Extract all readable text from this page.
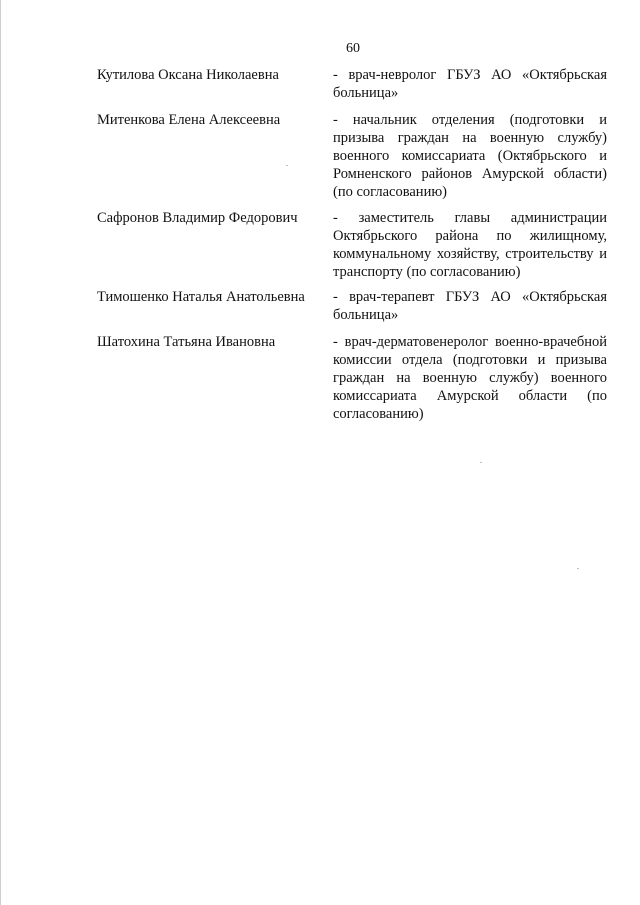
60
Кутилова Оксана Николаевна	- врач-невролог ГБУЗ АО «Октябрьская больница»
Митенкова Елена Алексеевна	- начальник отделения (подготовки и призыва граждан на военную службу) военного комиссариата (Октябрьского и Ромненского районов Амурской области) (по согласованию)
Сафронов Владимир Федорович	- заместитель главы администрации Октябрьского района по жилищному, коммунальному хозяйству, строительству и транспорту (по согласованию)
Тимошенко Наталья Анатольевна	- врач-терапевт ГБУЗ АО «Октябрьская больница»
Шатохина Татьяна Ивановна	- врач-дерматовенеролог военно-врачебной комиссии отдела (подготовки и призыва граждан на военную службу) военного комиссариата Амурской области (по согласованию)
